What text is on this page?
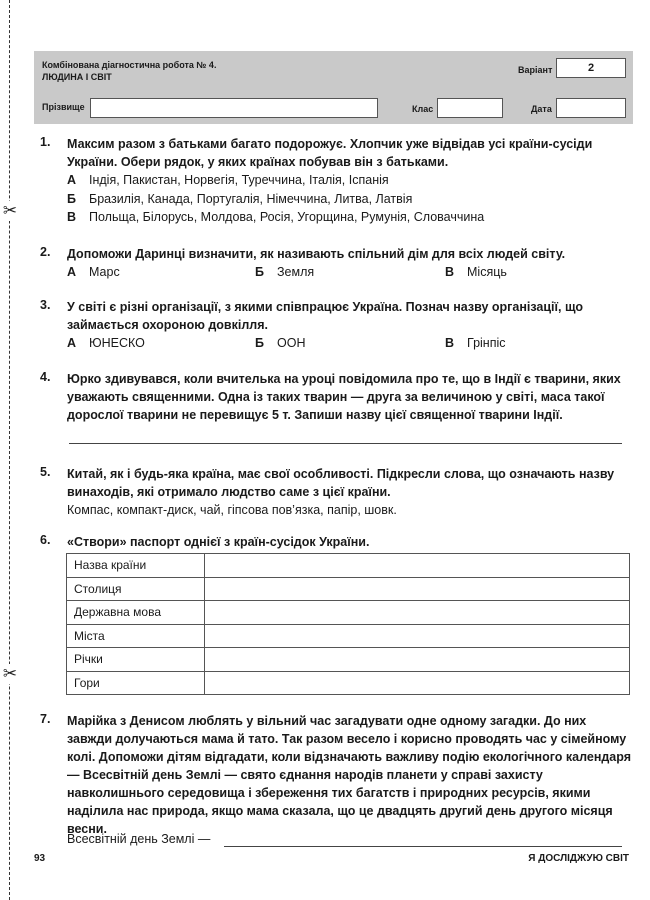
✂
✂
Комбінована діагностична робота № 4.
ЛЮДИНА І СВІТ
Варіант	2
Прізвище	Клас	Дата
1. Максим разом з батьками багато подорожує. Хлопчик уже відвідав усі країни-сусіди України. Обери рядок, у яких країнах побував він з батьками.
А Індія, Пакистан, Норвегія, Туреччина, Італія, Іспанія
Б Бразилія, Канада, Португалія, Німеччина, Литва, Латвія
В Польща, Білорусь, Молдова, Росія, Угорщина, Румунія, Словаччина
2. Допоможи Даринці визначити, як називають спільний дім для всіх людей світу.
А Марс	Б Земля	В Місяць
3. У світі є різні організації, з якими співпрацює Україна. Познач назву організації, що займається охороною довкілля.
А ЮНЕСКО	Б ООН	В Грінпіс
4. Юрко здивувався, коли вчителька на уроці повідомила про те, що в Індії є тварини, яких уважають священними. Одна із таких тварин — друга за величиною у світі, маса такої дорослої тварини не перевищує 5 т. Запиши назву цієї священної тварини Індії.
5. Китай, як і будь-яка країна, має свої особливості. Підкресли слова, що означають назву винаходів, які отримало людство саме з цієї країни.
Компас, компакт-диск, чай, гіпсова пов’язка, папір, шовк.
6. «Створи» паспорт однієї з країн-сусідок України.
Назва країни	
Столиця	
Державна мова	
Міста	
Річки	
Гори	
7. Марійка з Денисом люблять у вільний час загадувати одне одному загадки. До них завжди долучаються мама й тато. Так разом весело і корисно проводять час у сімейному колі. Допоможи дітям відгадати, коли відзначають важливу подію екологічного календаря — Всесвітній день Землі — свято єднання народів планети у справі захисту навколишнього середовища і збереження тих багатств і природних ресурсів, якими наділила нас природа, якщо мама сказала, що це двадцять другий день другого місяця весни.
Всесвітній день Землі —
93	Я ДОСЛІДЖУЮ СВІТ
